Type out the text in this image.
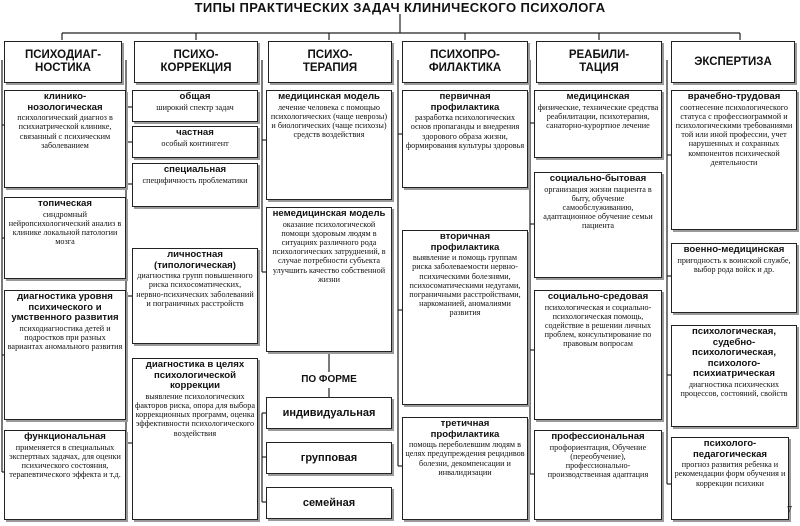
ТИПЫ ПРАКТИЧЕСКИХ ЗАДАЧ КЛИНИЧЕСКОГО ПСИХОЛОГА
ПСИХОДИАГ-
НОСТИКА
клинико-
нозологическая
психологический диагноз в психиатрической клинике, связанный с психическим заболеванием
топическая
синдромный нейропсихологический анализ в клинике локальной патологии мозга
диагностика уровня психического и умственного развития
психодиагностика детей и подростков при разных вариантах аномального развития
функциональная
применяется в специальных экспертных задачах, для оценки психического состояния, терапевтического эффекта и т.д.
ПСИХО-
КОРРЕКЦИЯ
общая
широкий спектр задач
частная
особый контингент
специальная
специфичность проблематики
личностная (типологическая)
диагностика групп повышенного риска психосоматических, нервно-психических заболеваний и пограничных расстройств
диагностика в целях психологической коррекции
выявление психологических факторов риска, опора для выбора коррекционных программ, оценка эффективности психологического воздействия
ПСИХО-
ТЕРАПИЯ
медицинская модель
лечение человека с помощью психологических (чаще неврозы) и биологических (чаще психозы) средств воздействия
немедицинская модель
оказание психологической помощи здоровым людям в ситуациях различного рода психологических затруднений, в случае потребности субъекта улучшить качество собственной жизни
ПО ФОРМЕ
индивидуальная
групповая
семейная
ПСИХОПРО-
ФИЛАКТИКА
первичная профилактика
разработка психологических основ пропаганды и внедрения здорового образа жизни, формирования культуры здоровья
вторичная профилактика
выявление и помощь группам риска заболеваемости нервно-психическими болезнями, психосоматическими недугами, пограничными расстройствами, наркоманией, аномалиями развития
третичная профилактика
помощь переболевшим людям в целях предупреждения рецидивов болезни, декомпенсации и инвалидизации
РЕАБИЛИ-
ТАЦИЯ
медицинская
физические, технические средства реабилитации, психотерапия, санаторно-курортное лечение
социально-бытовая
организация жизни пациента в быту, обучение самообслуживанию, адаптационное обучение семьи пациента
социально-средовая
психологическая и социально-психологическая помощь, содействие в решении личных проблем, консультирование по правовым вопросам
профессиональная
профориентация, Обучение (переобучение), профессионально-производственная адаптация
ЭКСПЕРТИЗА
врачебно-трудовая
соотнесение психологического статуса с профессиограммой и психологическими требованиями той или иной профессии, учет нарушенных и сохранных компонентов психической деятельности
военно-медицинская
пригодность к воинской службе, выбор рода войск и др.
психологическая, судебно-психологическая, психолого-психиатрическая
диагностика психических процессов, состояний, свойств
психолого-педагогическая
прогноз развития ребенка и рекомендации форм обучения и коррекции психики
7
